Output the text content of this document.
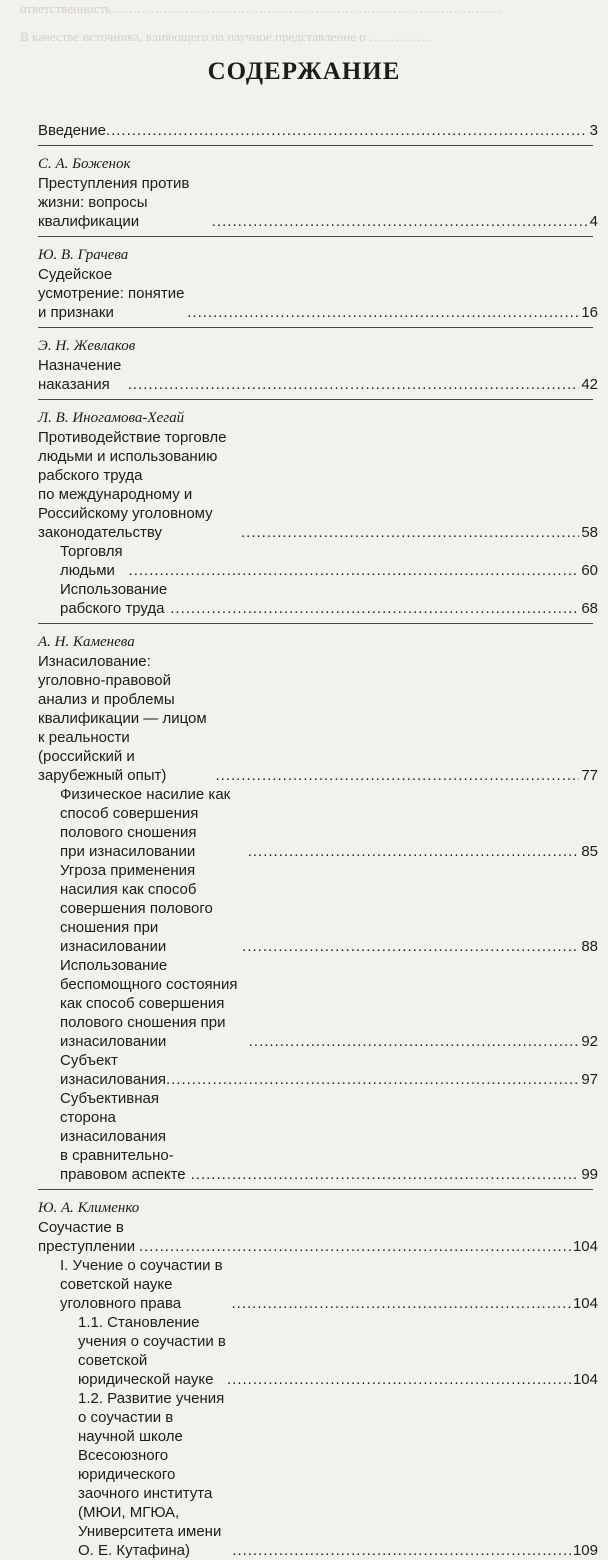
ответственность………………………………………………………………………………
В качестве источника, влияющего на научное представление о ……………
СОДЕРЖАНИЕ
Введение .....	3
С. А. Боженок
Преступления против жизни: вопросы квалификации .....	4
Ю. В. Грачева
Судейское усмотрение: понятие и признаки .....	16
Э. Н. Жевлаков
Назначение наказания .....	42
Л. В. Иногамова-Хегай
Противодействие торговле людьми и использованию рабского труда
по международному и Российскому уголовному законодательству .....	58
Торговля людьми .....	60
Использование рабского труда .....	68
А. Н. Каменева
Изнасилование: уголовно-правовой анализ и проблемы
квалификации — лицом к реальности
(российский и зарубежный опыт) .....	77
Физическое насилие как способ совершения полового сношения
при изнасиловании .....	85
Угроза применения насилия как способ совершения полового
сношения при изнасиловании .....	88
Использование беспомощного состояния как способ совершения
полового сношения при изнасиловании .....	92
Субъект изнасилования .....	97
Субъективная сторона изнасилования
в сравнительно-правовом аспекте .....	99
Ю. А. Клименко
Соучастие в преступлении .....	104
I. Учение о соучастии в советской науке уголовного права .....	104
1.1. Становление учения о соучастии в советской
юридической науке .....	104
1.2. Развитие учения о соучастии в научной школе
Всесоюзного юридического заочного института
(МЮИ, МГЮА, Университета имени О. Е. Кутафина) .....	109
